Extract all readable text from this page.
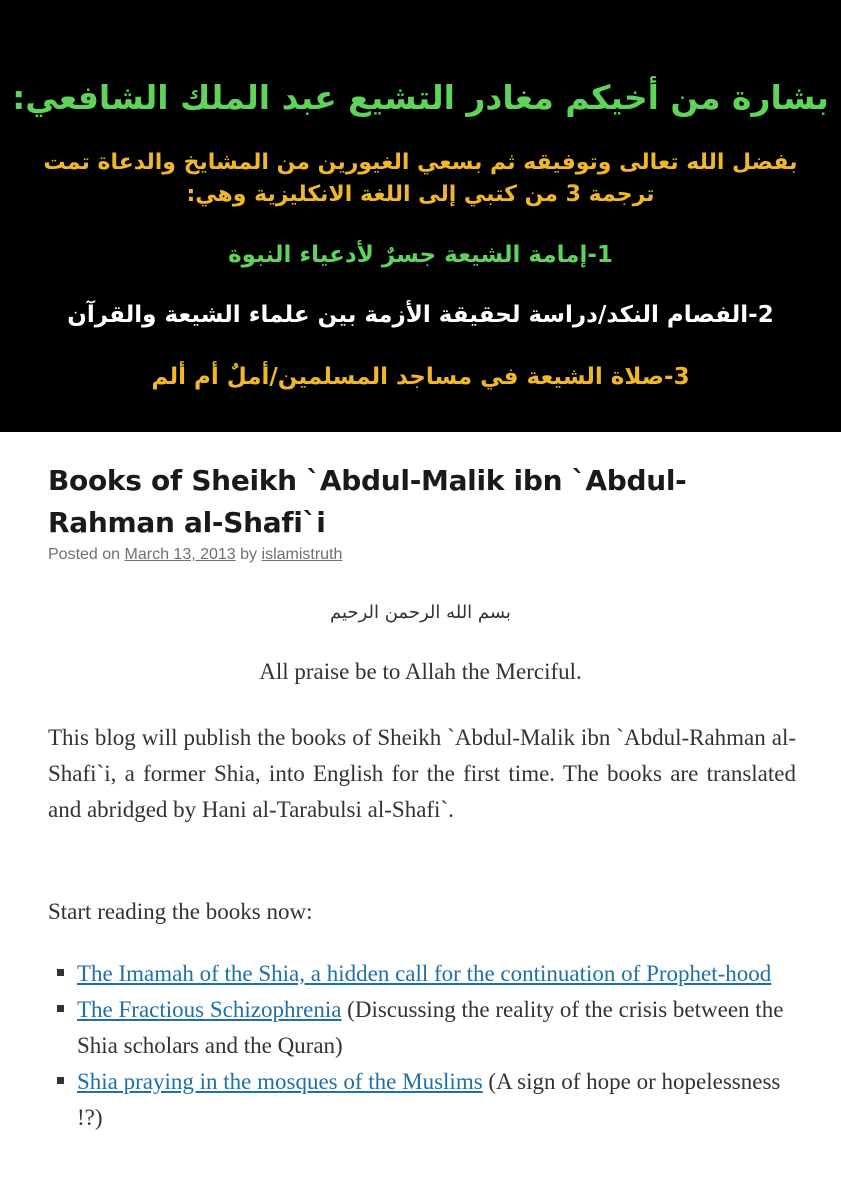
بشارة من أخيكم مغادر التشيع عبد الملك الشافعي:

بفضل الله تعالى وتوفيقه ثم بسعي الغيورين من المشايخ والدعاة تمت

ترجمة 3 من كتبي إلى اللغة الانكليزية وهي:

1-إمامة الشيعة جسرٌ لأدعياء النبوة

2-الفصام النكد/دراسة لحقيقة الأزمة بين علماء الشيعة والقرآن

3-صلاة الشيعة في مساجد المسلمين/أملٌ أم ألم

Books of Sheikh `Abdul-Malik ibn `Abdul-Rahman al-Shafi`i
Posted on March 13, 2013 by islamistruth
بسم الله الرحمن الرحيم

All praise be to Allah the Merciful.

This blog will publish the books of Sheikh `Abdul-Malik ibn `Abdul-Rahman al-Shafi`i, a former Shia, into English for the first time. The books are translated and abridged by Hani al-Tarabulsi al-Shafi`.

Start reading the books now:

The Imamah of the Shia, a hidden call for the continuation of Prophet-hood
The Fractious Schizophrenia (Discussing the reality of the crisis between the Shia scholars and the Quran)
Shia praying in the mosques of the Muslims (A sign of hope or hopelessness !?)
